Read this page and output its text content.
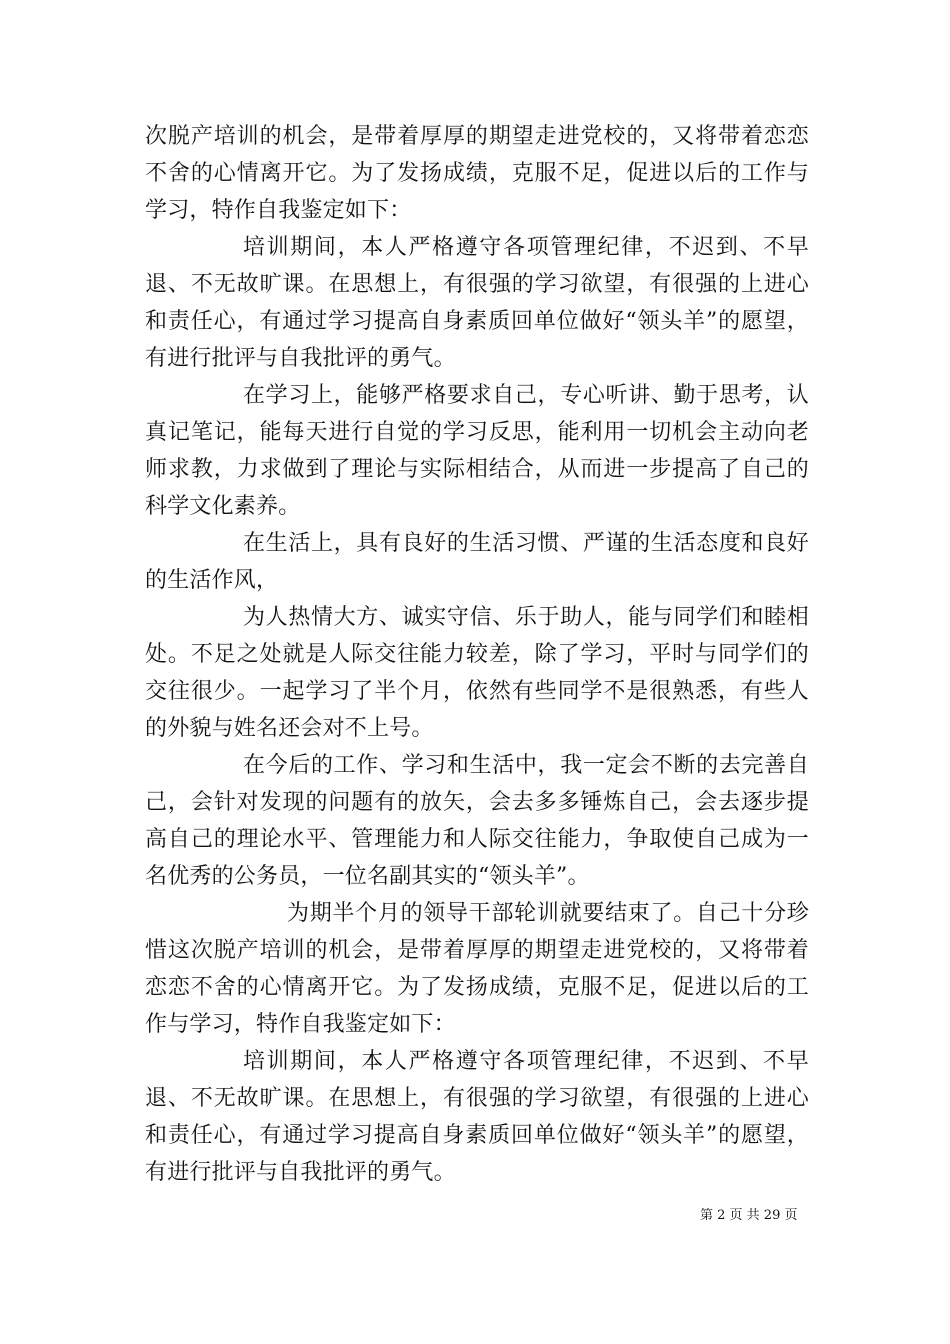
次脱产培训的机会，是带着厚厚的期望走进党校的，又将带着恋恋不舍的心情离开它。为了发扬成绩，克服不足，促进以后的工作与学习，特作自我鉴定如下：

培训期间，本人严格遵守各项管理纪律，不迟到、不早退、不无故旷课。在思想上，有很强的学习欲望，有很强的上进心和责任心，有通过学习提高自身素质回单位做好“领头羊”的愿望，有进行批评与自我批评的勇气。

在学习上，能够严格要求自己，专心听讲、勤于思考，认真记笔记，能每天进行自觉的学习反思，能利用一切机会主动向老师求教，力求做到了理论与实际相结合，从而进一步提高了自己的科学文化素养。

在生活上，具有良好的生活习惯、严谨的生活态度和良好的生活作风，

为人热情大方、诚实守信、乐于助人，能与同学们和睦相处。不足之处就是人际交往能力较差，除了学习，平时与同学们的交往很少。一起学习了半个月，依然有些同学不是很熟悉，有些人的外貌与姓名还会对不上号。

在今后的工作、学习和生活中，我一定会不断的去完善自己，会针对发现的问题有的放矢，会去多多锤炼自己，会去逐步提高自己的理论水平、管理能力和人际交往能力，争取使自己成为一名优秀的公务员，一位名副其实的“领头羊”。

为期半个月的领导干部轮训就要结束了。自己十分珍惜这次脱产培训的机会，是带着厚厚的期望走进党校的，又将带着恋恋不舍的心情离开它。为了发扬成绩，克服不足，促进以后的工作与学习，特作自我鉴定如下：

培训期间，本人严格遵守各项管理纪律，不迟到、不早退、不无故旷课。在思想上，有很强的学习欲望，有很强的上进心和责任心，有通过学习提高自身素质回单位做好“领头羊”的愿望，有进行批评与自我批评的勇气。

第 2 页 共 29 页
